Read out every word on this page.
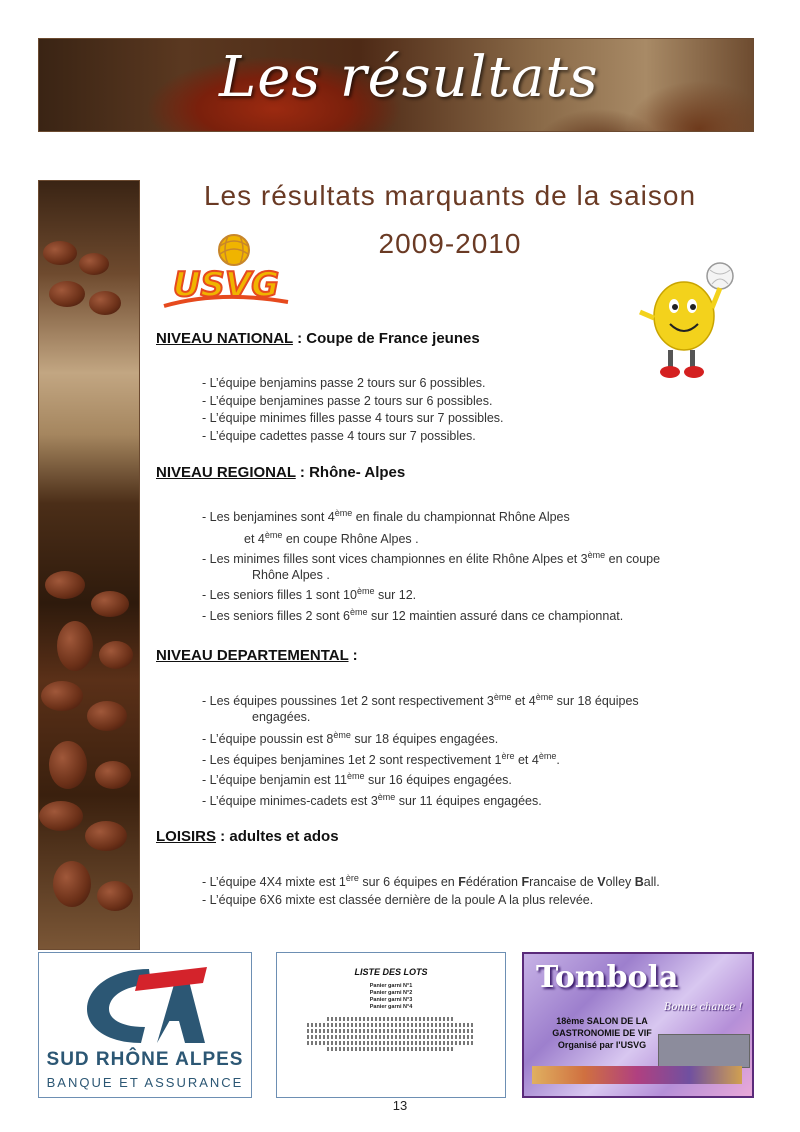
Les résultats
Les résultats marquants de la saison
2009-2010
USVG
NIVEAU NATIONAL : Coupe de France jeunes
- L’équipe benjamins passe 2 tours sur 6 possibles.
- L’équipe benjamines passe 2 tours sur 6 possibles.
- L’équipe minimes filles passe 4 tours sur 7 possibles.
- L’équipe cadettes passe 4 tours sur 7 possibles.
NIVEAU REGIONAL : Rhône- Alpes
- Les benjamines sont 4ème en finale du championnat Rhône Alpes
et 4ème en coupe Rhône Alpes .
- Les minimes filles sont vices championnes en élite Rhône Alpes et 3ème en coupe
Rhône Alpes .
- Les seniors filles 1 sont 10ème sur 12.
- Les seniors filles 2 sont 6ème sur 12 maintien assuré dans ce championnat.
NIVEAU DEPARTEMENTAL :
- Les équipes poussines 1et 2 sont respectivement 3ème et 4ème sur 18 équipes
engagées.
- L’équipe poussin est 8ème sur 18 équipes engagées.
- Les équipes benjamines 1et 2 sont respectivement 1ère et 4ème.
- L’équipe benjamin est 11ème sur 16 équipes engagées.
- L’équipe minimes-cadets est 3ème sur 11 équipes engagées.
LOISIRS : adultes et ados
- L’équipe 4X4 mixte est 1ère sur 6 équipes en Fédération Francaise de Volley Ball.
- L’équipe 6X6 mixte est classée dernière de la poule A la plus relevée.
CA
SUD RHÔNE ALPES
BANQUE ET ASSURANCE
LISTE DES LOTS
Panier garni N°1
Panier garni N°2
Panier garni N°3
Panier garni N°4
Tombola
18ème SALON DE LA
GASTRONOMIE DE VIF
Organisé par l'USVG
Bonne chance !
13
